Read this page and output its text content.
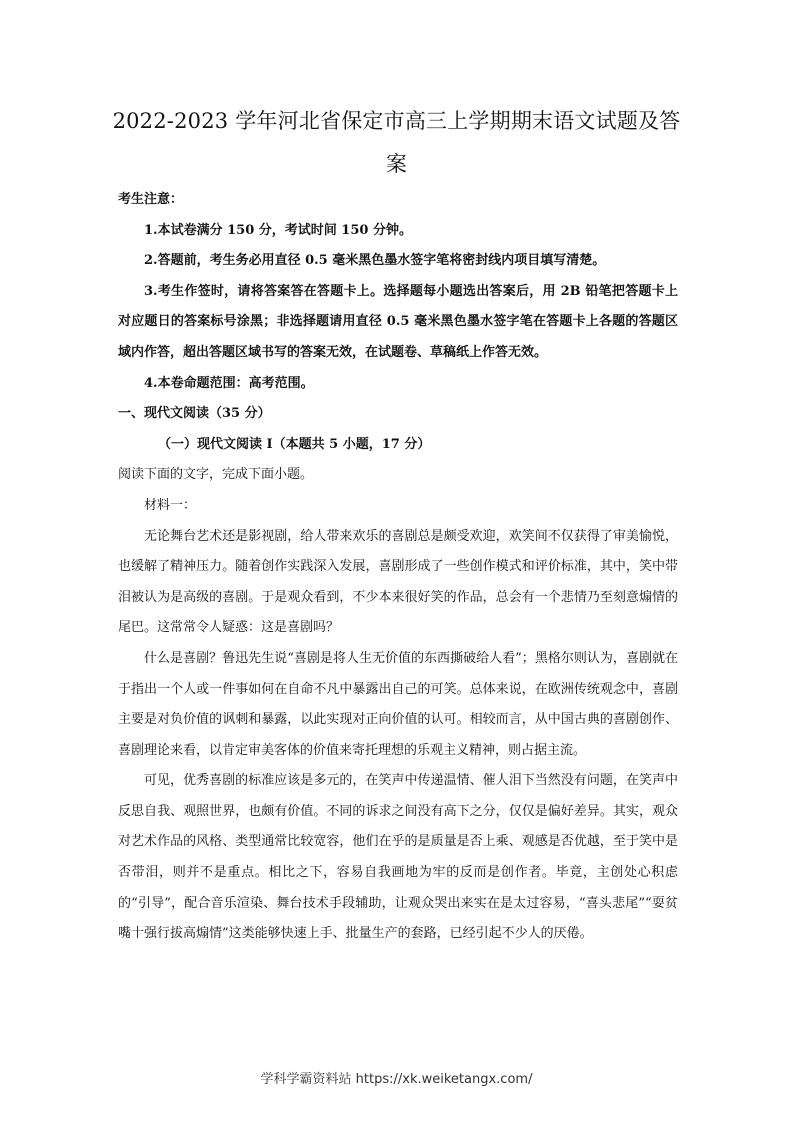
2022-2023 学年河北省保定市高三上学期期末语文试题及答
案

考生注意：

1.本试卷满分 150 分，考试时间 150 分钟。

2.答题前，考生务必用直径 0.5 毫米黑色墨水签字笔将密封线内项目填写清楚。

3.考生作签时，请将答案答在答题卡上。选择题每小题选出答案后，用 2B 铅笔把答题卡上对应题日的答案标号涂黑；非选择题请用直径 0.5 毫米黑色墨水签字笔在答题卡上各题的答题区域内作答，超出答题区域书写的答案无效，在试题卷、草稿纸上作答无效。

4.本卷命题范围：高考范围。

一、现代文阅读（35 分）

（一）现代文阅读 I（本题共 5 小题，17 分）

阅读下面的文字，完成下面小题。

材料一：

无论舞台艺术还是影视剧，给人带来欢乐的喜剧总是颇受欢迎，欢笑间不仅获得了审美愉悦，也缓解了精神压力。随着创作实践深入发展，喜剧形成了一些创作模式和评价标准，其中，笑中带泪被认为是高级的喜剧。于是观众看到，不少本来很好笑的作品，总会有一个悲情乃至刻意煽情的尾巴。这常常令人疑惑：这是喜剧吗？

什么是喜剧？鲁迅先生说“喜剧是将人生无价值的东西撕破给人看”；黑格尔则认为，喜剧就在于指出一个人或一件事如何在自命不凡中暴露出自己的可笑。总体来说，在欧洲传统观念中，喜剧主要是对负价值的讽刺和暴露，以此实现对正向价值的认可。相较而言，从中国古典的喜剧创作、喜剧理论来看，以肯定审美客体的价值来寄托理想的乐观主义精神，则占据主流。

可见，优秀喜剧的标准应该是多元的，在笑声中传递温情、催人泪下当然没有问题，在笑声中反思自我、观照世界，也颇有价值。不同的诉求之间没有高下之分，仅仅是偏好差异。其实，观众对艺术作品的风格、类型通常比较宽容，他们在乎的是质量是否上乘、观感是否优越，至于笑中是否带泪，则并不是重点。相比之下，容易自我画地为牢的反而是创作者。毕竟，主创处心积虑的“引导”，配合音乐渲染、舞台技术手段辅助，让观众哭出来实在是太过容易，“喜头悲尾”“耍贫嘴十强行拔高煽情”这类能够快速上手、批量生产的套路，已经引起不少人的厌倦。

学科学霸资料站 https://xk.weiketangx.com/
